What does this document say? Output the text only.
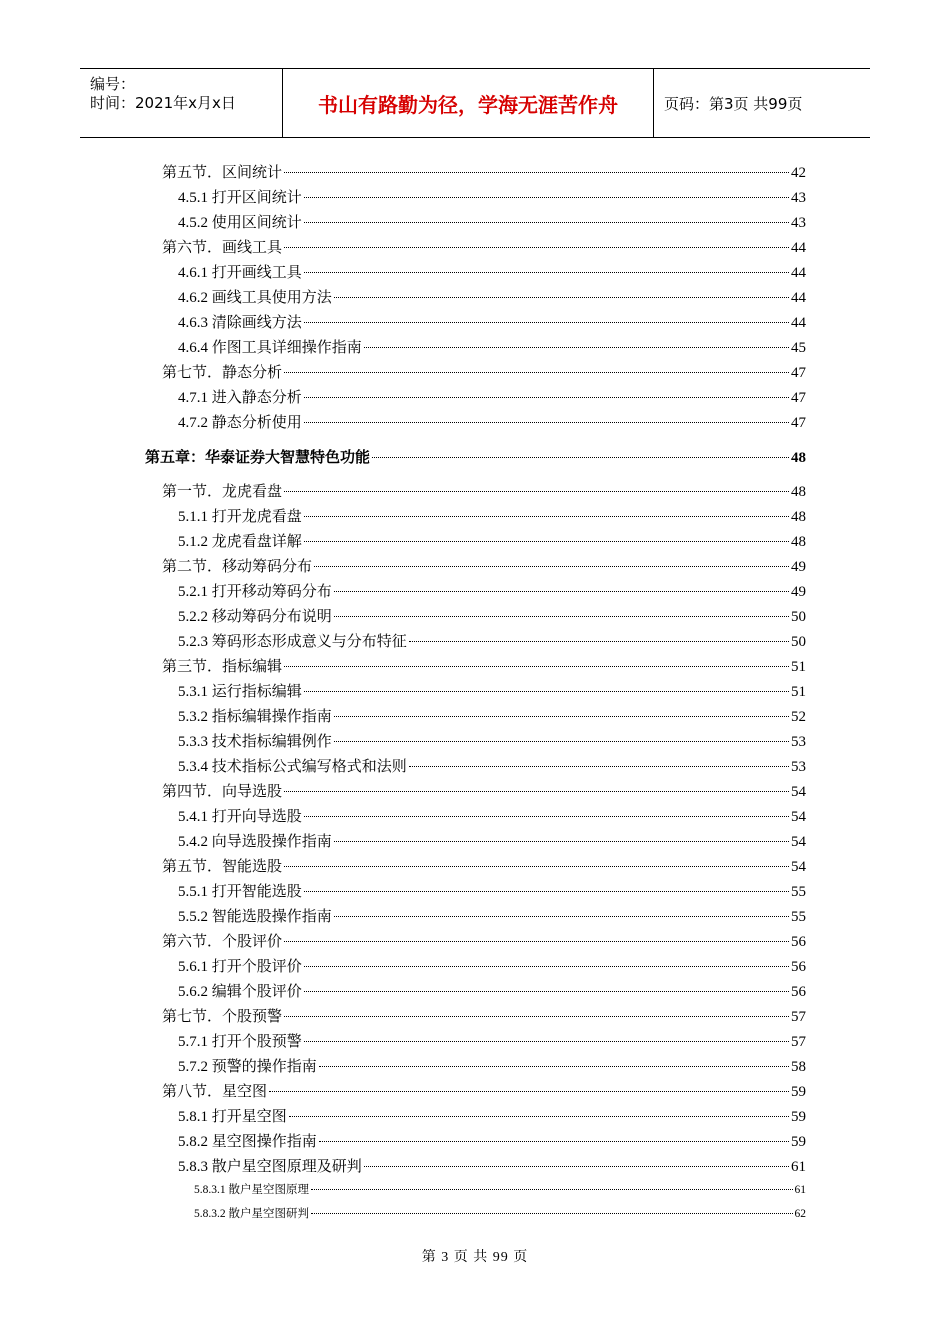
编号：
时间：2021年x月x日	书山有路勤为径，学海无涯苦作舟	页码：第3页 共99页
第五节．区间统计	42
4.5.1 打开区间统计	43
4.5.2 使用区间统计	43
第六节．画线工具	44
4.6.1 打开画线工具	44
4.6.2 画线工具使用方法	44
4.6.3 清除画线方法	44
4.6.4 作图工具详细操作指南	45
第七节．静态分析	47
4.7.1 进入静态分析	47
4.7.2 静态分析使用	47
第五章：华泰证券大智慧特色功能	48
第一节．龙虎看盘	48
5.1.1 打开龙虎看盘	48
5.1.2 龙虎看盘详解	48
第二节．移动筹码分布	49
5.2.1 打开移动筹码分布	49
5.2.2 移动筹码分布说明	50
5.2.3 筹码形态形成意义与分布特征	50
第三节．指标编辑	51
5.3.1 运行指标编辑	51
5.3.2 指标编辑操作指南	52
5.3.3 技术指标编辑例作	53
5.3.4 技术指标公式编写格式和法则	53
第四节．向导选股	54
5.4.1 打开向导选股	54
5.4.2 向导选股操作指南	54
第五节．智能选股	54
5.5.1 打开智能选股	55
5.5.2 智能选股操作指南	55
第六节．个股评价	56
5.6.1 打开个股评价	56
5.6.2 编辑个股评价	56
第七节．个股预警	57
5.7.1 打开个股预警	57
5.7.2 预警的操作指南	58
第八节．星空图	59
5.8.1 打开星空图	59
5.8.2 星空图操作指南	59
5.8.3 散户星空图原理及研判	61
5.8.3.1 散户星空图原理	61
5.8.3.2 散户星空图研判	62
第 3 页 共 99 页
